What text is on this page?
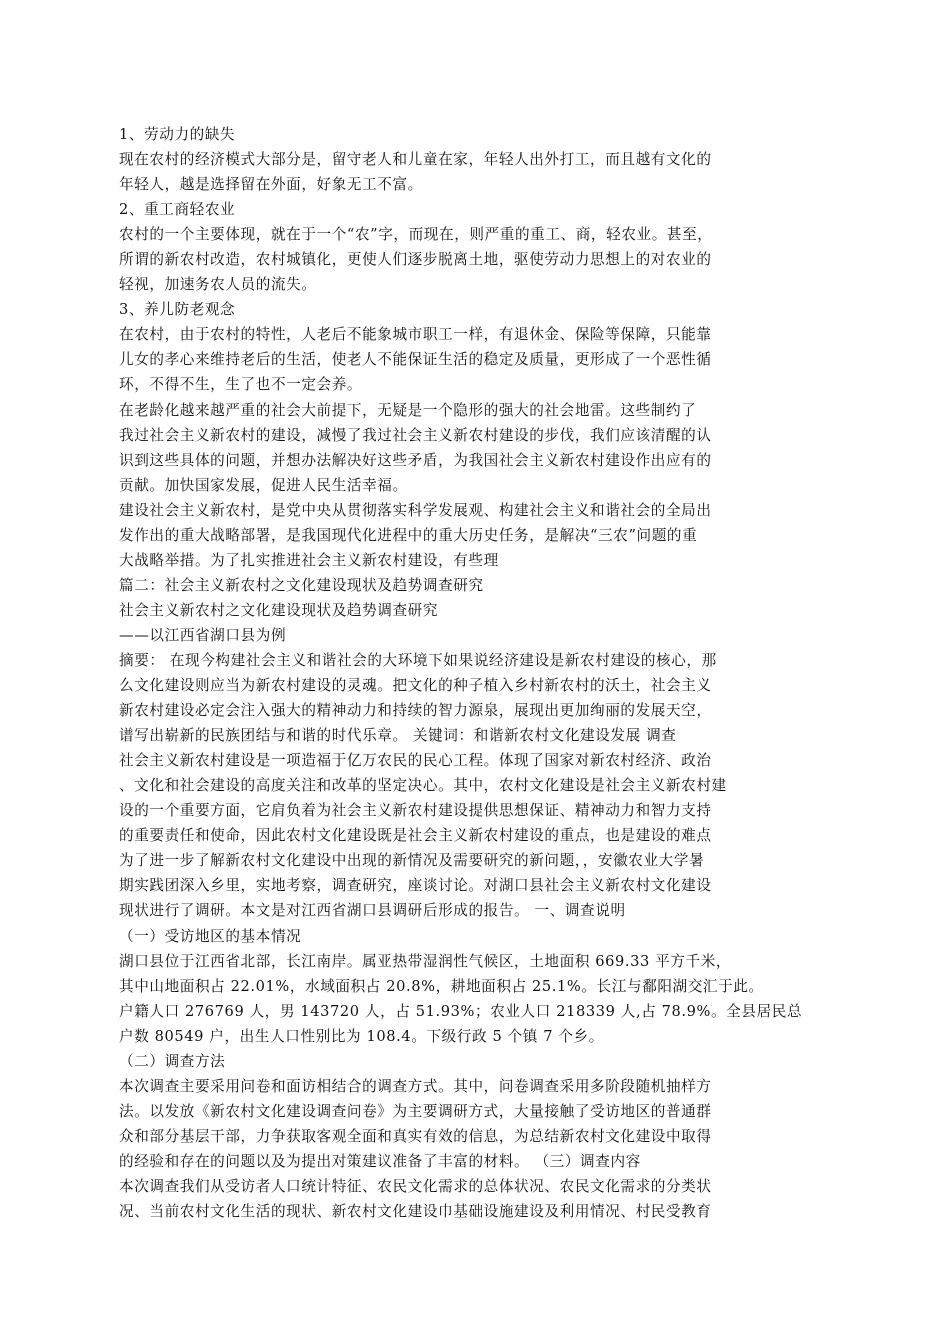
1、劳动力的缺失
现在农村的经济模式大部分是，留守老人和儿童在家，年轻人出外打工，而且越有文化的
年轻人，越是选择留在外面，好象无工不富。
2、重工商轻农业
农村的一个主要体现，就在于一个“农”字，而现在，则严重的重工、商，轻农业。甚至，
所谓的新农村改造，农村城镇化，更使人们逐步脱离土地，驱使劳动力思想上的对农业的
轻视，加速务农人员的流失。
3、养儿防老观念
在农村，由于农村的特性，人老后不能象城市职工一样，有退休金、保险等保障，只能靠
儿女的孝心来维持老后的生活，使老人不能保证生活的稳定及质量，更形成了一个恶性循
环，不得不生，生了也不一定会养。
在老龄化越来越严重的社会大前提下，无疑是一个隐形的强大的社会地雷。这些制约了
我过社会主义新农村的建设，减慢了我过社会主义新农村建设的步伐，我们应该清醒的认
识到这些具体的问题，并想办法解决好这些矛盾，为我国社会主义新农村建设作出应有的
贡献。加快国家发展，促进人民生活幸福。
建设社会主义新农村，是党中央从贯彻落实科学发展观、构建社会主义和谐社会的全局出
发作出的重大战略部署，是我国现代化进程中的重大历史任务，是解决“三农”问题的重
大战略举措。为了扎实推进社会主义新农村建设，有些理
篇二：社会主义新农村之文化建设现状及趋势调查研究
社会主义新农村之文化建设现状及趋势调查研究
——以江西省湖口县为例
摘要： 在现今构建社会主义和谐社会的大环境下如果说经济建设是新农村建设的核心，那
么文化建设则应当为新农村建设的灵魂。把文化的种子植入乡村新农村的沃土，社会主义
新农村建设必定会注入强大的精神动力和持续的智力源泉，展现出更加绚丽的发展天空，
谱写出崭新的民族团结与和谐的时代乐章。 关键词：和谐新农村文化建设发展 调查
社会主义新农村建设是一项造福于亿万农民的民心工程。体现了国家对新农村经济、政治
、文化和社会建设的高度关注和改革的坚定决心。其中，农村文化建设是社会主义新农村建
设的一个重要方面，它肩负着为社会主义新农村建设提供思想保证、精神动力和智力支持
的重要责任和使命，因此农村文化建设既是社会主义新农村建设的重点，也是建设的难点
为了进一步了解新农村文化建设中出现的新情况及需要研究的新问题，，安徽农业大学暑
期实践团深入乡里，实地考察，调查研究，座谈讨论。对湖口县社会主义新农村文化建设
现状进行了调研。本文是对江西省湖口县调研后形成的报告。 一、调查说明
（一）受访地区的基本情况
湖口县位于江西省北部，长江南岸。属亚热带湿润性气候区，土地面积 669.33 平方千米，
其中山地面积占 22.01%，水域面积占 20.8%，耕地面积占 25.1%。长江与鄱阳湖交汇于此。
户籍人口 276769 人，男 143720 人，占 51.93%；农业人口 218339 人,占 78.9%。全县居民总
户数 80549 户，出生人口性别比为 108.4。下级行政 5 个镇 7 个乡。
（二）调查方法
本次调查主要采用问卷和面访相结合的调查方式。其中，问卷调查采用多阶段随机抽样方
法。以发放《新农村文化建设调查问卷》为主要调研方式，大量接触了受访地区的普通群
众和部分基层干部，力争获取客观全面和真实有效的信息，为总结新农村文化建设中取得
的经验和存在的问题以及为提出对策建议准备了丰富的材料。 （三）调查内容
本次调查我们从受访者人口统计特征、农民文化需求的总体状况、农民文化需求的分类状
况、当前农村文化生活的现状、新农村文化建设巾基础设施建设及利用情况、村民受教育
